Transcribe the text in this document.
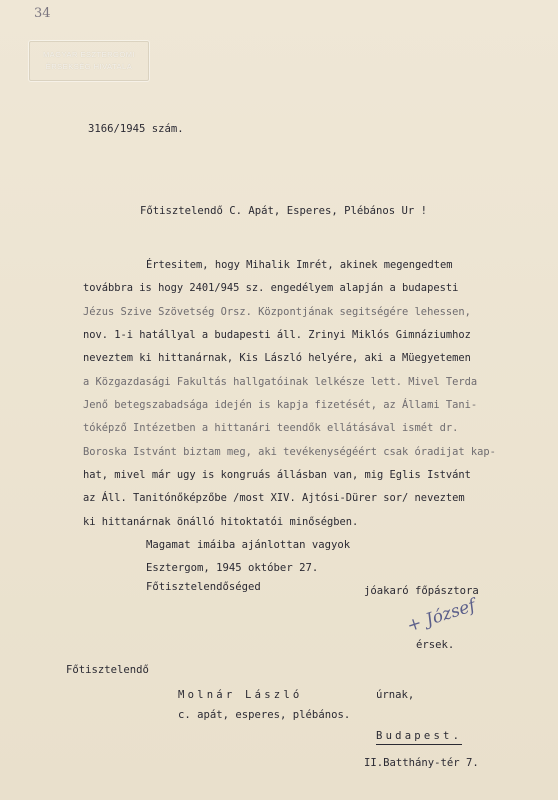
34
MAGYAR ESZTERGOMI
ÉRSEKSÉG HIVATALA
3166/1945 szám.
Főtisztelendő C. Apát, Esperes, Plébános Ur !
Értesitem, hogy Mihalik Imrét, akinek megengedtem
továbbra is hogy 2401/945 sz. engedélyem alapján a budapesti
Jézus Szive Szövetség Orsz. Központjának segitségére lehessen,
nov. 1-i hatállyal a budapesti áll. Zrinyi Miklós Gimnáziumhoz
neveztem ki hittanárnak, Kis László helyére, aki a Müegyetemen
a Közgazdasági Fakultás hallgatóinak lelkésze lett. Mivel Terda
Jenő betegszabadsága idején is kapja fizetését, az Állami Tani-
tóképző Intézetben a hittanári teendők ellátásával ismét dr.
Boroska Istvánt biztam meg, aki tevékenységéért csak óradijat kap-
hat, mivel már ugy is kongruás állásban van, mig Eglis Istvánt
az Áll. Tanitónőképzőbe /most XIV. Ajtósi-Dürer sor/ neveztem
ki hittanárnak önálló hitoktatói minőségben.
Magamat imáiba ajánlottan vagyok
Esztergom, 1945 október 27.
Főtisztelendőséged	jóakaró főpásztora
+ József
érsek.
Főtisztelendő
Molnár László	úrnak,
c. apát, esperes, plébános.
Budapest.
II.Batthány-tér 7.
